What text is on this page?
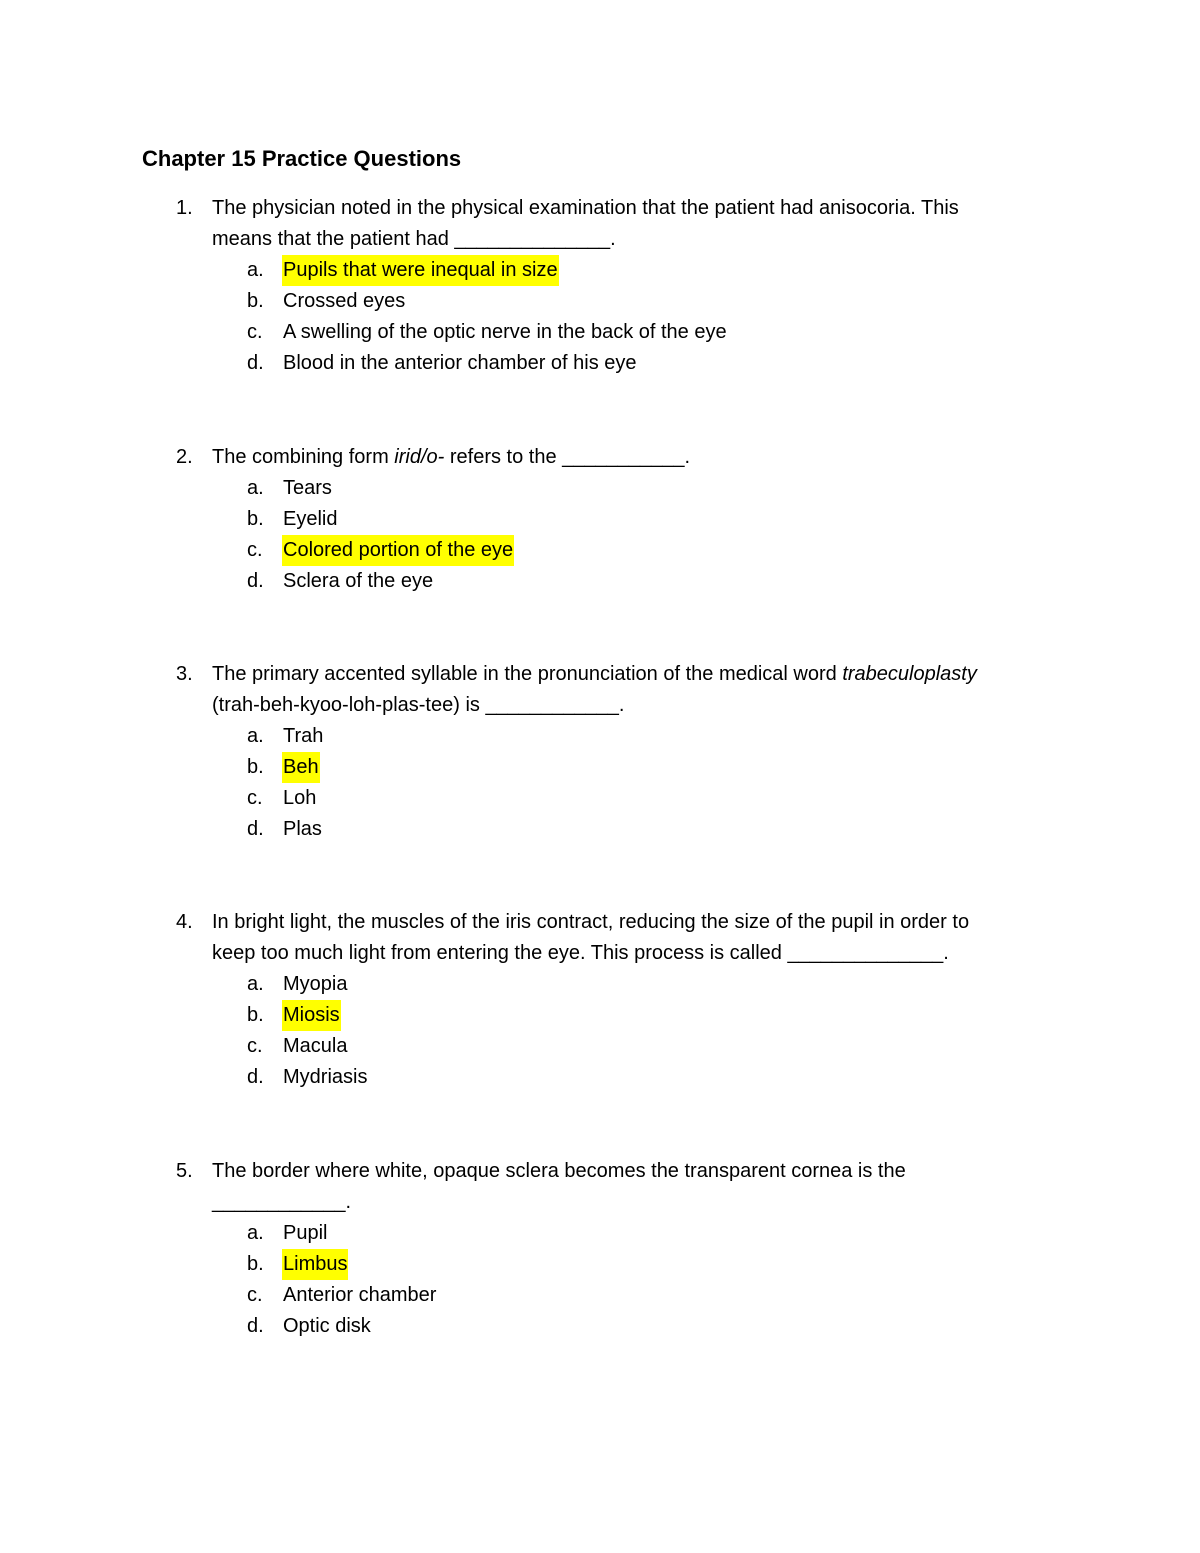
Chapter 15 Practice Questions
1. The physician noted in the physical examination that the patient had anisocoria. This
means that the patient had ______________.
a. Pupils that were inequal in size
b. Crossed eyes
c. A swelling of the optic nerve in the back of the eye
d. Blood in the anterior chamber of his eye
2. The combining form irid/o- refers to the ___________.
a. Tears
b. Eyelid
c. Colored portion of the eye
d. Sclera of the eye
3. The primary accented syllable in the pronunciation of the medical word trabeculoplasty
(trah-beh-kyoo-loh-plas-tee) is ____________.
a. Trah
b. Beh
c. Loh
d. Plas
4. In bright light, the muscles of the iris contract, reducing the size of the pupil in order to
keep too much light from entering the eye. This process is called ______________.
a. Myopia
b. Miosis
c. Macula
d. Mydriasis
5. The border where white, opaque sclera becomes the transparent cornea is the
____________.
a. Pupil
b. Limbus
c. Anterior chamber
d. Optic disk
